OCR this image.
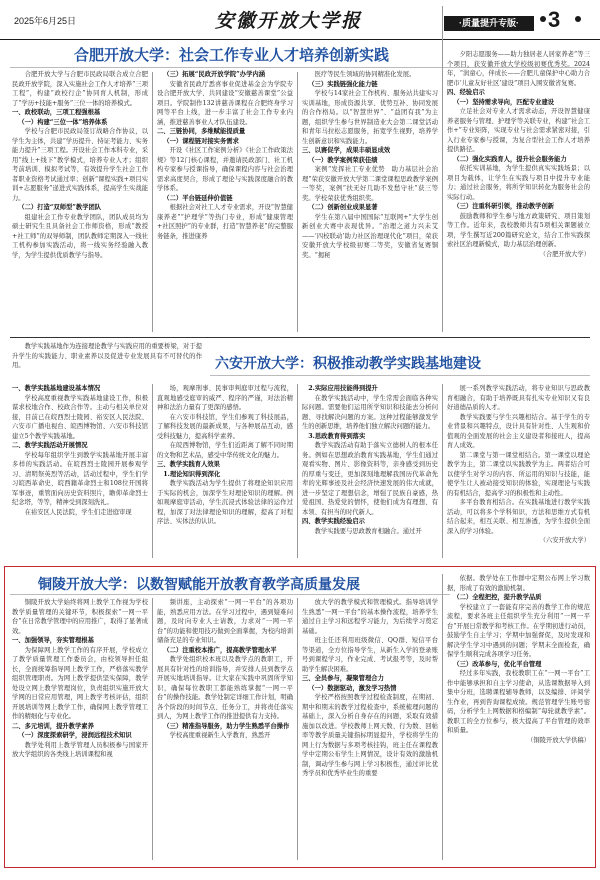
2025年6月25日	安徽开放大学报	·质量提升专版·	3
合肥开放大学：社会工作专业人才培养创新实践

合肥开放大学与合肥市民政局联合成立合肥民政开放学院，深入实施社会工作人才培养“三项工程”，构建“政校行企”协同育人机制，形成了“学历+技能+服务”三位一体的培养模式。

一、政校联动，三项工程强根基

（一）构建“三位一体”培养体系

学校与合肥市民政局签订战略合作协议，以学生为主体，共建“学历提升、持证考能力、实务能力提升”三项工程。开设社会工作本科专业，采用“线上+线下”教学模式，培养专业人才；组织考前培训、模拟考试等，有效提升学生社会工作者职业资格考试通过率；创新“课程实践+项目实训+志愿服务”递进式实践体系，提高学生实战能力。

（二）打造“双师型”教学团队

组建社会工作专业教学团队，团队成员均为硕士研究生且具备社会工作师资格，形成“教授+社工师”的双导师制，团队教师定期深入一线社工机构参加实践活动，将一线实务经验融入教学，为学生提供优质教学与指导。

（三）拓展“民政开放学院”办学内涵

安徽省民政厅悉喜事业促进基金会为学院专设合肥开放大学、共同建设“安徽慈善课堂”公益项目。学院制作132讲慈善课程在合肥终身学习网等平台上线，进一步丰富了社会工作专业内涵，推进慈善事业人才队伍建设。

二、三链协同，多维赋能提质量

（一）课程链对接实务需求

开设《社区工作案例分析》《社会工作政策法规》等12门核心课程，并邀请民政部门、社工机构专家参与授课指导，确保课程内容与社会治理需求高度契合，形成了理论与实践深度融合的教学体系。

（二）平台链延伸价值链

根据社会对社工人才专业需求，开设“智慧健康养老”“护理学”等热门专业，形成“健康管理+社区照护”的专业群，打造“智慧养老”的完整服务链条，推进康养

医疗等民生领域的协同精准化发展。

（三）实践链强化能力链

学校与14家社会工作机构、服务站共建实习实训基地，形成资源共享、优势互补、协同发展的合作格局。以“智慧世界”、“益团有我”为主题，组织学生参与世界制造业大会第二课堂活动和青年马拉松志愿服务，拓宽学生视野，培养学生创新意识和实践能力。

三、以赛促学，成果丰硕显成效

（一）教学案例荣获佳绩

案例“发挥社工专业优势　助力基层社会治理”荣获安徽开放大学第二课堂课程思政教学案例一等奖，案例“扶无好几助不发愁守社”获三等奖。学校荣获优秀组织奖。

（二）创新创业成果显著

学生在第八届中国国际“互联网+”大学生创新创业大赛中表现优异。“治理之道力兴未艾——‘四校联动’助力社区治理现代化”项目，荣获安徽开放大学校级初赛二等奖，安徽省复赛铜奖。“揭秘

夕阳志愿服务——助力独居老人居家养老”等三个项目，获安徽开放大学校级初赛优秀奖。2024年，“润童心，伴成长——合肥儿童保护中心助力合肥市‘儿童友好社区’建设”项目入围安徽省复赛。

四、经验启示

（一）坚持需求导向，匹配专业建设

立足社会对专业人才需求动态，开设智慧健康养老服务与管理、护理学等关联专业，构建“社会工作+”专业矩阵，实现专业与社会需求紧密对接，引入行业专家参与授课，为复合型社会工作人才培养提供路径。

（二）强化实践育人，提升社会服务能力

依托实训基地，为学生提供真实实践场景；以项目为载体，让学生在实践与项目中提升专业能力；通过社会服务，将所学知识转化为服务社会的实际行动。

（三）注重科研引领，推动教学创新

鼓励教师和学生参与地方政策研究、项目策划等工作。近年来，我校教师共有5项相关课题被立项，学生撰写近200篇研究论文，结合工作实践探索社区治理新模式，助力基层治理创新。

（合肥开放大学）

教学实践基地作为连接理论教学与实践应用的重要桥梁，对于提升学生的实践能力、职业素养以及促进专业发展具有不可替代的作用。	六安开放大学：积极推动教学实践基地建设

一、教学实践基地建设基本情况

学校高度重视教学实践基地建设工作，积极谋求校地合作、校政合作等。主动与相关单位对接，目前已在皖西烈士陵园、裕安区人民法院、六安市广播电视台、皖西博物馆、六安市科技馆建立5个教学实践基地。

二、教学实践活动开展情况

学校每年组织学生到教学实践基地开展丰富多样的实践活动。在皖西烈士陵园开展参观学习、清明祭英烈等活动，活动过程中，学生们学习皖西革命史、皖西籍革命烈士和108位开国将军事迹，重管面向历史资料照片，瞻仰革命烈士纪念塔，等等，精神受到深刻洗礼。

在裕安区人民法院，学生们走进庭审现

场，观摩刑事、民事审判庭审过程与流程，直观地感受庭审的威严、程序的严谨，对法治精神和法治力量有了更深的感悟。

在六安市科技馆，学生们参观了科技展品，了解科技发展的最新成果，与各种展品互动，感受科技魅力，提高科学素养。

在皖西博物馆，学生们近距离了解不同时期的文物和艺术品，感受中华传统文化的魅力。

三、教学实践育人效果

1.理论知识得到深化

教学实践活动为学生提供了将理论知识应用于实际的机会，加深学生对理论知识的理解。例如观摩庭审活动，学生沉浸式体验法律的运作过程，加深了对法律理论知识的理解，提高了对程序法、实体法的认识。

2.实际应用技能得到提升

在教学实践活动中，学生常需会面临各种实际问题。需要他们运用所学知识和技能去分析问题、寻找解决问题的方案。这种过程能够激发学生的创新思维，培养他们独立解决问题的能力。

3.思政教育得到落实

教学实践活动有助于落实立德树人的根本任务。例如在思想政治教育实践基地，学生们通过观看实物、图片、影像资料等，亲身感受到历史的厚重与变迁，更加深刻地理解我国历代革命先辈的光辉事迹及社会经济快速发展的伟大成就，进一步坚定了理想信念，增强了民族自豪感，热爱祖国、热爱党的情怀，使他们成为有理想、有本领、有担当的时代新人。

四、教学实践经验启示

教学实践要与思政教育相融合。通过开

展一系列教学实践活动，将专业知识与思政教育相融合，有助于培养既具有扎实专业知识又有良好道德品质的人才。

教学实践要与学生兴趣相结合。基于学生的专业背景和兴趣特点，设计具有针对性、人生观和价值观的全面发展的社会主义建设者和接班人，提高育人成效。

第二课堂与第一课堂相结合。第一课堂以理论教学为主，第二课堂以实践教学为主。两者结合可以使学生对学习的内容、所运用的知识与技能，能使学生让人被动接受知识的体验，实现理论与实践的有机结合，提高学习的积极性和主动性。

多平台教育相结合。在实践基地进行教学实践活动，可以将多个学科知识，方法和思维方式有机结合起来，相互关联、相互渗透，为学生提供全面深入的学习体验。

（六安开放大学）

铜陵开放大学：以数智赋能开放教育教学高质量发展

铜陵开放大学始终将网上教学工作视为学校教学质量管理的关键环节，积极探索“一网一平台”在日常教学管理中的应用推广，取得了显著成效。

一、加强领导，夯实管理根基

为保障网上教学工作的有序开展，学校成立了教学质量管理工作委员会，由校领导担任组长，全面统筹指导网上教学工作，严格落实教学组织管理职责。为网上教学提供坚实保障，教学处设立网上教学管理岗位，负责组织实施开放大学网的日常应用管理，网上教学考核评估，组织开展培训等网上教学工作，确保网上教学管理工作的精细化与专业化。

二、多元培训，提升教学素养

（一）深度探索研学，浸润远程技术知识

教学处利用上教学管理人员积极参与国家开放大学组织的各类线上培训课程和视

频讲座，主动探索“一网一平台”的各项功能，熟悉应用方法。在学习过程中，遇到疑难问题，及时向专业人士请教，力求对“一网一平台”的功能和使用技巧做到全面掌握，为校内培训储备充足的专业知识。

（二）注重校本推广，提高教学管理水平

教学处组织校本班以及教学点的教职工，开展具有针对性的培训指导，并安排人员到教学点开展实地培训指导。让大家在实践中巩固所学知识，确保每位教职工都能熟练掌握“一网一平台”的操作技能。教学处制定详细工作计划，明确各个阶段的时间节点、任务分工，并将责任落实到人，为网上教学工作的推进提供有力支持。

（三）精准指导服务，助力学生熟悉平台操作

学校高度重视新生入学教育，熟悉开

放大学的教学模式和管理模式。指导培训学生熟悉“一网一平台”的基本操作流程，培养学生通过自主学习和远程学习能力，为后续学习奠定基础。

班主任还利用班级微信、QQ群、短信平台等渠道，全方位指导学生，从新生入学的登录账号到课程学习，作业完成、考试报考等，及时帮助学生解决困难。

三、全员参与，凝聚管理合力

（一）数据驱动，激发学习热情

学校严格按照教学过程检查制度，在期初、期中和期末的教学过程检查中，系统梳理问题的基础上，深入分析自身存在的问题，采取有效措施加以改进。学校教师上网天数、行为数、回帖率等教学质量关键指标明显提升，学校将学生的网上行为数据与多项考核挂钩，班主任在课程教学中定期公布学生上网情况，设计有效的激励机制，调动学生参与网上学习积极性，通过评比优秀学员和优秀毕业生的重要

依据。教学处在工作群中定期公布网上学习数据，形成了有效的激励机制。

（二）全程把控，提升教学品质

学校建立了一套能有序完善的教学工作的规范流程，要求各班主任组织学生充分利用“一网一平台”开展日常教学和考核工作。在学期初进行动员，鼓励学生自主学习；学期中加强督促，及时发现和解决学生学习中遇到的问题；学期末全面检查，确保学生顺利完成各项学习任务。

（三）改革参与，优化平台管理

经过多年实践，我校教职工在“一网一平台”工作中能够承担和自主学习使命，从选课数据导入到集中分班，选聘课程辅导教师，以及编排、评阅学生作业，再到咨询课程成绩。规范管理学生账号密码，分析学生上网数据和格编制“每轮就教学素”。教职工的全方位参与，极大提高了平台管理的效率和质量。

（铜陵开放大学供稿）
